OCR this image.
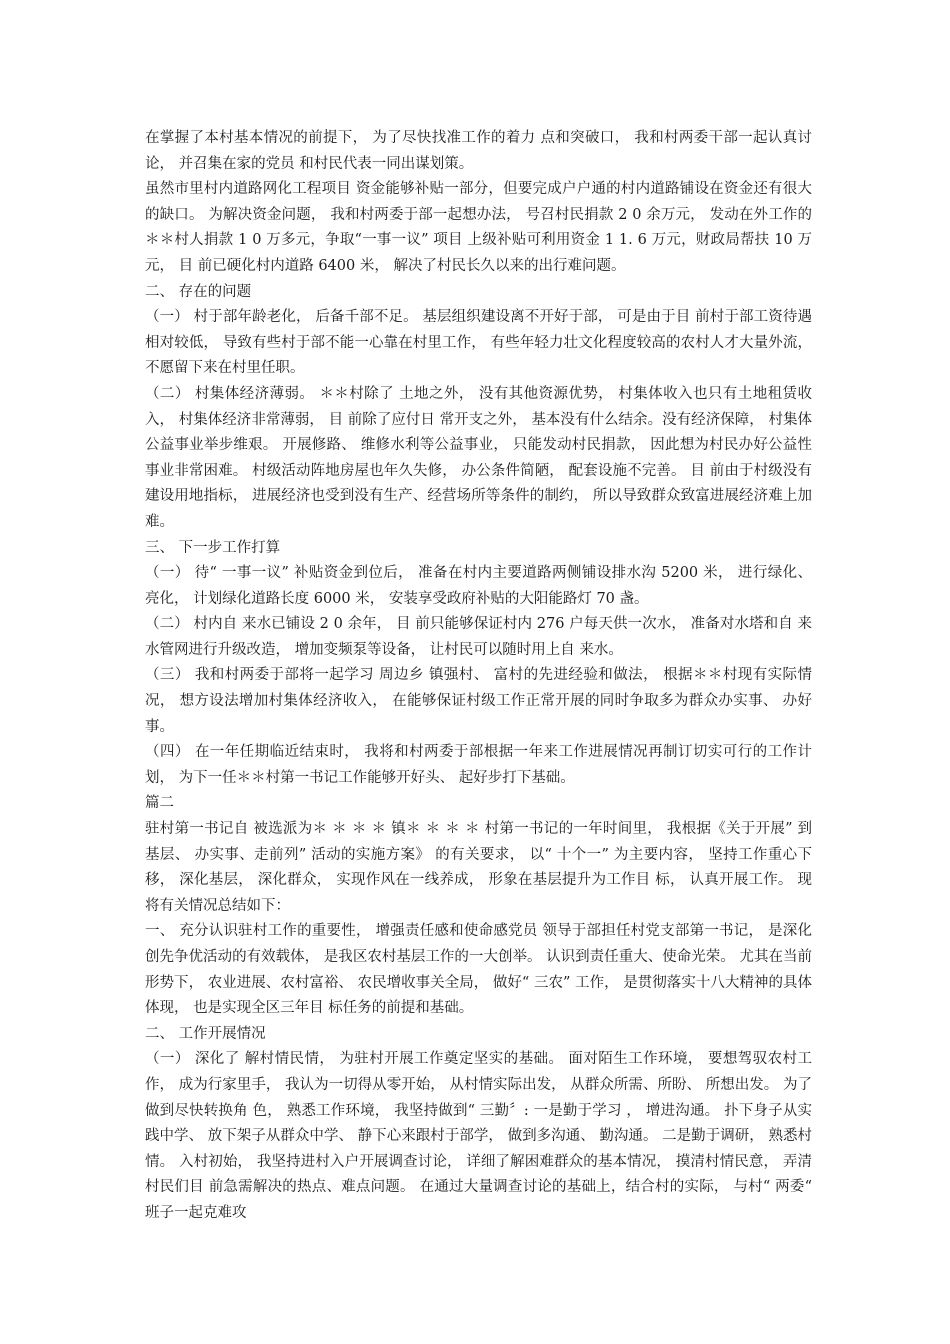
在掌握了本村基本情况的前提下， 为了尽快找准工作的着力 点和突破口， 我和村两委干部一起认真讨论， 并召集在家的党员 和村民代表一同出谋划策。

虽然市里村内道路网化工程项目 资金能够补贴一部分，但要完成户户通的村内道路铺设在资金还有很大的缺口。 为解决资金问题， 我和村两委于部一起想办法， 号召村民捐款 2 0 余万元， 发动在外工作的＊＊村人捐款 1 0 万多元，争取“一事一议” 项目 上级补贴可利用资金 1 1. 6 万元，财政局帮扶 10 万元， 目 前已硬化村内道路 6400 米， 解决了村民长久以来的出行难问题。

二、 存在的问题

（一） 村于部年龄老化， 后备千部不足。 基层组织建设离不开好于部， 可是由于目 前村于部工资待遇相对较低， 导致有些村于部不能一心靠在村里工作， 有些年轻力壮文化程度较高的农村人才大量外流， 不愿留下来在村里任职。

（二） 村集体经济薄弱。 ＊＊村除了 土地之外， 没有其他资源优势， 村集体收入也只有土地租赁收入， 村集体经济非常薄弱， 目 前除了应付日 常开支之外， 基本没有什么结余。没有经济保障， 村集体公益事业举步维艰。 开展修路、 维修水利等公益事业， 只能发动村民捐款， 因此想为村民办好公益性事业非常困难。 村级活动阵地房屋也年久失修， 办公条件简陋， 配套设施不完善。 目 前由于村级没有建设用地指标， 进展经济也受到没有生产、经营场所等条件的制约， 所以导致群众致富进展经济难上加难。

三、 下一步工作打算

（一） 待“ 一事一议” 补贴资金到位后， 准备在村内主要道路两侧铺设排水沟 5200 米， 进行绿化、 亮化， 计划绿化道路长度 6000 米， 安装享受政府补贴的大阳能路灯 70 盏。

（二） 村内自 来水已铺设 2 0 余年， 目 前只能够保证村内 276 户每天供一次水， 准备对水塔和自 来水管网进行升级改造， 增加变频泵等设备， 让村民可以随时用上自 来水。

（三） 我和村两委于部将一起学习 周边乡 镇强村、 富村的先进经验和做法， 根据＊＊村现有实际情况， 想方设法增加村集体经济收入， 在能够保证村级工作正常开展的同时争取多为群众办实事、 办好事。

（四） 在一年任期临近结束时， 我将和村两委于部根据一年来工作进展情况再制订切实可行的工作计划， 为下一任＊＊村第一书记工作能够开好头、 起好步打下基础。

篇二

驻村第一书记自 被选派为＊ ＊ ＊ ＊ 镇＊ ＊ ＊ ＊ 村第一书记的一年时间里， 我根据《关于开展” 到基层、 办实事、走前列” 活动的实施方案》 的有关要求， 以“ 十个一” 为主要内容， 坚持工作重心下移， 深化基层， 深化群众， 实现作风在一线养成， 形象在基层提升为工作目 标， 认真开展工作。 现将有关情况总结如下：

一、 充分认识驻村工作的重要性， 增强责任感和使命感党员 领导于部担任村党支部第一书记， 是深化创先争优活动的有效载体， 是我区农村基层工作的一大创举。 认识到责任重大、使命光荣。 尤其在当前形势下， 农业进展、农村富裕、 农民增收事关全局， 做好“ 三农” 工作， 是贯彻落实十八大精神的具体体现， 也是实现全区三年目 标任务的前提和基础。

二、 工作开展情况

（一） 深化了 解村情民情， 为驻村开展工作奠定坚实的基础。 面对陌生工作环境， 要想驾驭农村工作， 成为行家里手， 我认为一切得从零开始， 从村情实际出发， 从群众所需、所盼、 所想出发。 为了 做到尽快转换角 色， 熟悉工作环境， 我坚持做到“ 三勤〞: 一是勤于学习 ， 增进沟通。 扑下身子从实践中学、 放下架子从群众中学、 静下心来跟村于部学， 做到多沟通、 勤沟通。 二是勤于调研， 熟悉村情。 入村初始， 我坚持进村入户开展调查讨论， 详细了解困难群众的基本情况， 摸清村情民意， 弄清村民们目 前急需解决的热点、难点问题。 在通过大量调查讨论的基础上，结合村的实际， 与村“ 两委“ 班子一起克难攻
